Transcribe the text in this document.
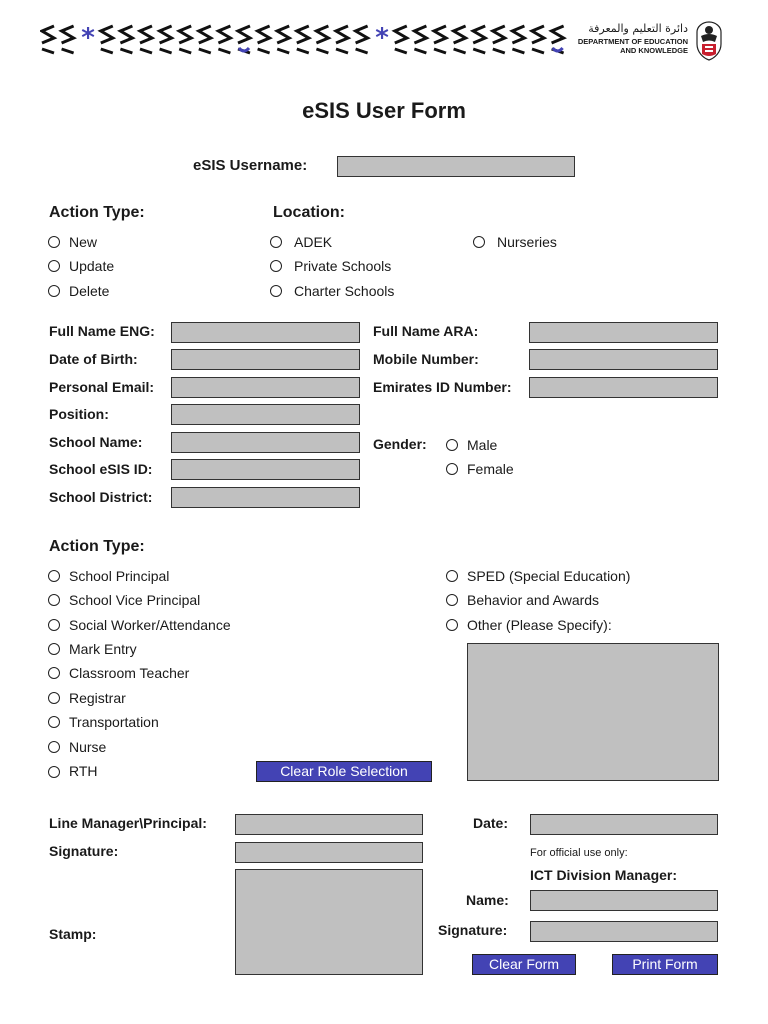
*	*	دائرة التعليم والمعرفة
DEPARTMENT OF EDUCATION
AND KNOWLEDGE
eSIS User Form
eSIS Username:
Action Type:
New
Update
Delete
Location:
ADEK
Private Schools
Charter Schools
Nurseries
Full Name ENG:
Date of Birth:
Personal Email:
Position:
School Name:
School eSIS ID:
School District:
Full Name ARA:
Mobile Number:
Emirates ID Number:
Gender:	Male
Female
Action Type:
School Principal
School Vice Principal
Social Worker/Attendance
Mark Entry
Classroom Teacher
Registrar
Transportation
Nurse
RTH
SPED (Special Education)
Behavior and Awards
Other (Please Specify):
Clear Role Selection
Line Manager\Principal:
Signature:
Stamp:
Date:
For official use only:
ICT Division Manager:
Name:
Signature:
Clear Form	Print Form
